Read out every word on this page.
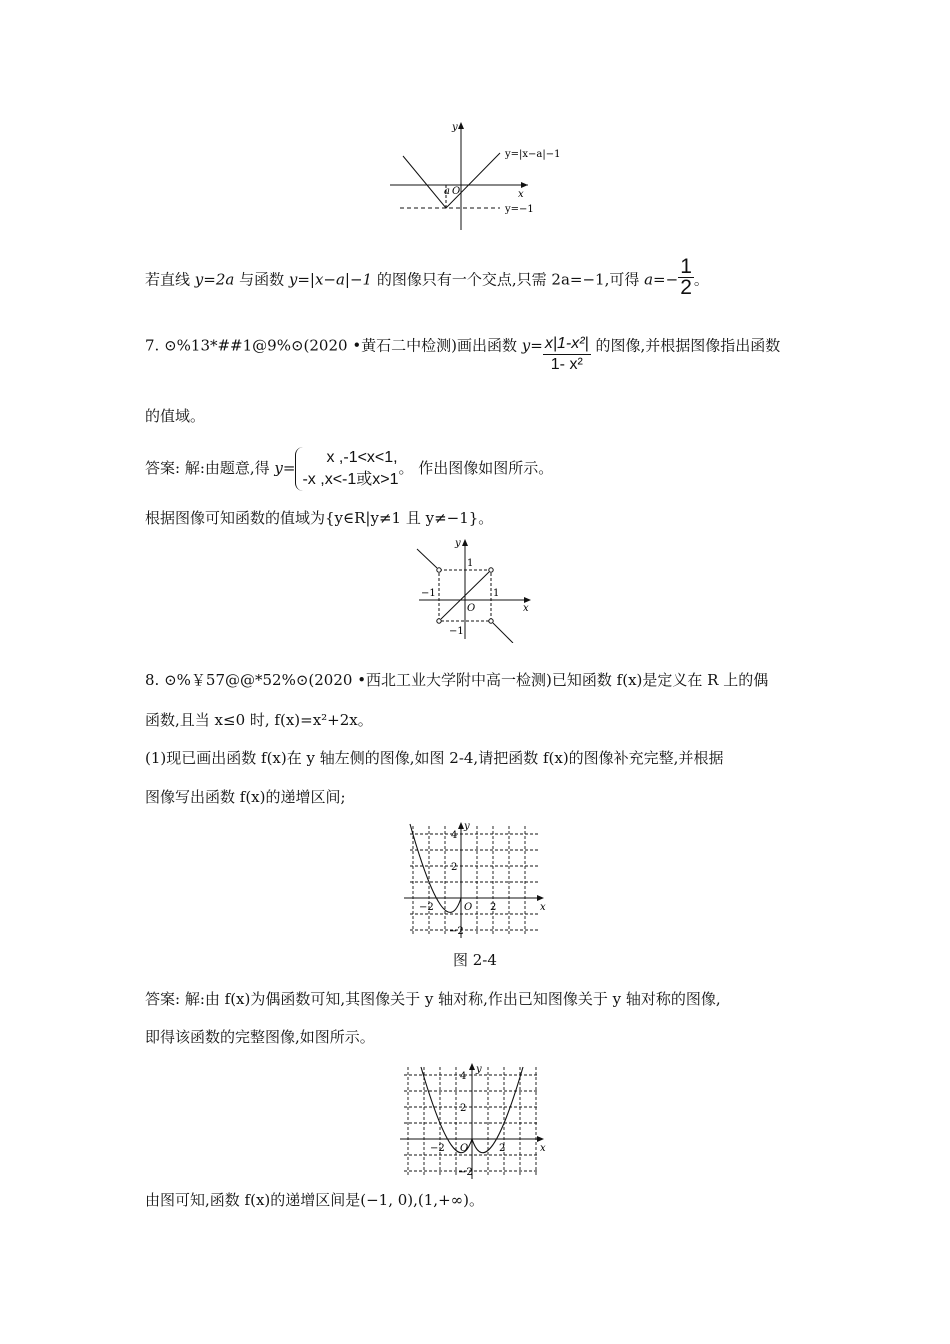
y
x
a O
y=|x−a|−1
y=−1
若直线 y=2a 与函数 y=|x−a|−1 的图像只有一个交点,只需 2a=−1,可得 $a=- \frac{1}{2}$ 。
7. ⊙%13*##1@9%⊙(2020 •黄石二中检测)画出函数 $y= \frac{\text{x|1-x²|}}{\text{1- x²}}$ 的图像,并根据图像指出函数
的值域。
答案: 解:由题意,得 y=
x ,-1<x<1,
-x ,x<-1或x>1
。 作出图像如图所示。
根据图像可知函数的值域为{y∈R|y≠1 且 y≠−1}。
y
x
O
1
−1	1
−1
8. ⊙%￥57@@*52%⊙(2020 •西北工业大学附中高一检测)已知函数 f(x)是定义在 R 上的偶
函数,且当 x≤0 时, f(x)=x²+2x。
(1)现已画出函数 f(x)在 y 轴左侧的图像,如图 2-4,请把函数 f(x)的图像补充完整,并根据
图像写出函数 f(x)的递增区间;
y
x
O
4
2
−2
2
−2
图 2-4
答案: 解:由 f(x)为偶函数可知,其图像关于 y 轴对称,作出已知图像关于 y 轴对称的图像,
即得该函数的完整图像,如图所示。
y
x
O
4
2
−2
2
−2
由图可知,函数 f(x)的递增区间是(−1, 0),(1,+∞)。
